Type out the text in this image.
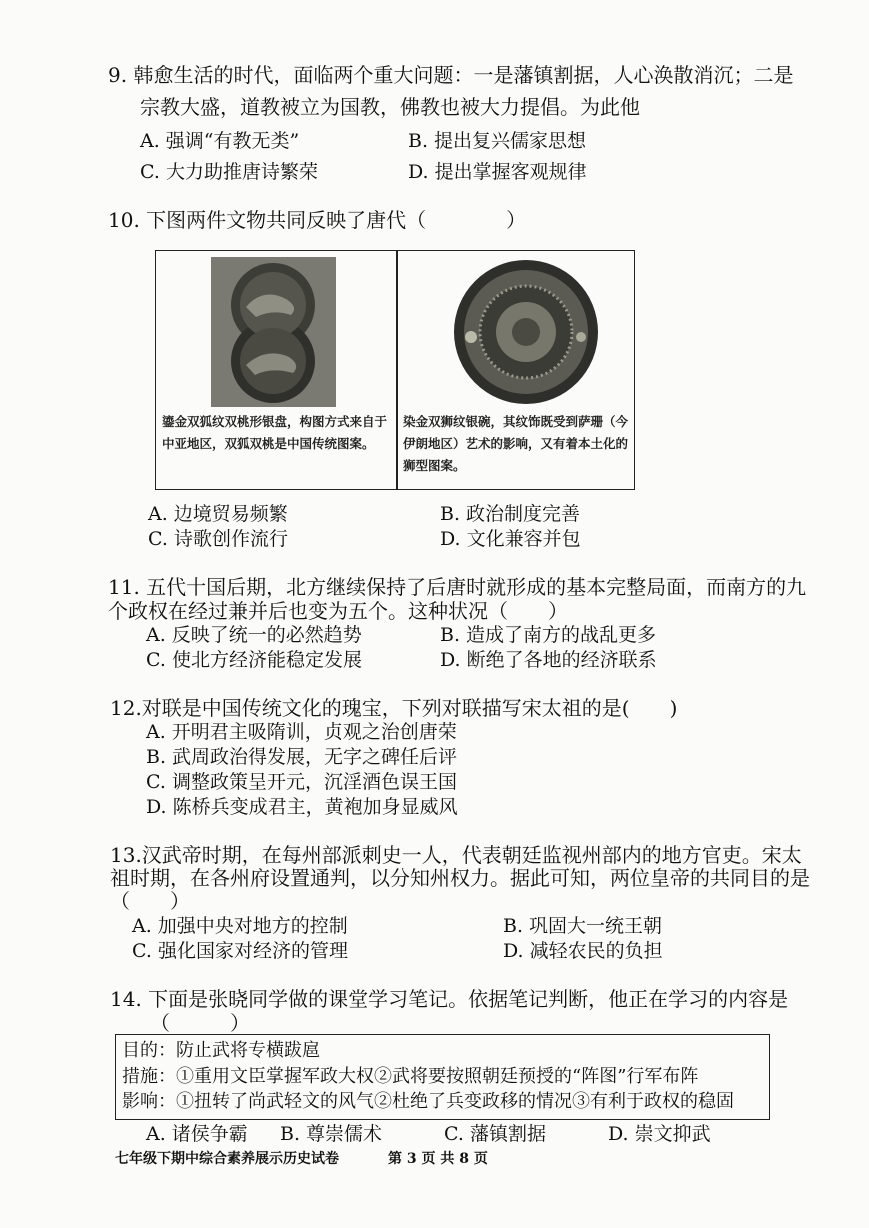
9. 韩愈生活的时代，面临两个重大问题：一是藩镇割据，人心涣散消沉；二是
宗教大盛，道教被立为国教，佛教也被大力提倡。为此他
A. 强调“有教无类”	B. 提出复兴儒家思想
C. 大力助推唐诗繁荣	D. 提出掌握客观规律
10. 下图两件文物共同反映了唐代（　　　　）
鎏金双狐纹双桃形银盘，构图方式来自于中亚地区，双狐双桃是中国传统图案。
染金双狮纹银碗，其纹饰既受到萨珊（今伊朗地区）艺术的影响，又有着本土化的狮型图案。
A. 边境贸易频繁	B. 政治制度完善
C. 诗歌创作流行	D. 文化兼容并包
11. 五代十国后期，北方继续保持了后唐时就形成的基本完整局面，而南方的九
个政权在经过兼并后也变为五个。这种状况（　　）
A. 反映了统一的必然趋势	B. 造成了南方的战乱更多
C. 使北方经济能稳定发展	D. 断绝了各地的经济联系
12.对联是中国传统文化的瑰宝，下列对联描写宋太祖的是(　　)
A. 开明君主吸隋训，贞观之治创唐荣
B. 武周政治得发展，无字之碑任后评
C. 调整政策呈开元，沉淫酒色误王国
D. 陈桥兵变成君主，黄袍加身显威风
13.汉武帝时期，在每州部派刺史一人，代表朝廷监视州部内的地方官吏。宋太
祖时期，在各州府设置通判，以分知州权力。据此可知，两位皇帝的共同目的是
（　　）
A. 加强中央对地方的控制	B. 巩固大一统王朝
C. 强化国家对经济的管理	D. 减轻农民的负担
14. 下面是张晓同学做的课堂学习笔记。依据笔记判断，他正在学习的内容是
（　　　）
目的：防止武将专横跋扈
措施：①重用文臣掌握军政大权②武将要按照朝廷预授的“阵图”行军布阵
影响：①扭转了尚武轻文的风气②杜绝了兵变政移的情况③有利于政权的稳固
A. 诸侯争霸 B. 尊崇儒术	C. 藩镇割据	D. 崇文抑武
七年级下期中综合素养展示历史试卷	第 3 页 共 8 页
